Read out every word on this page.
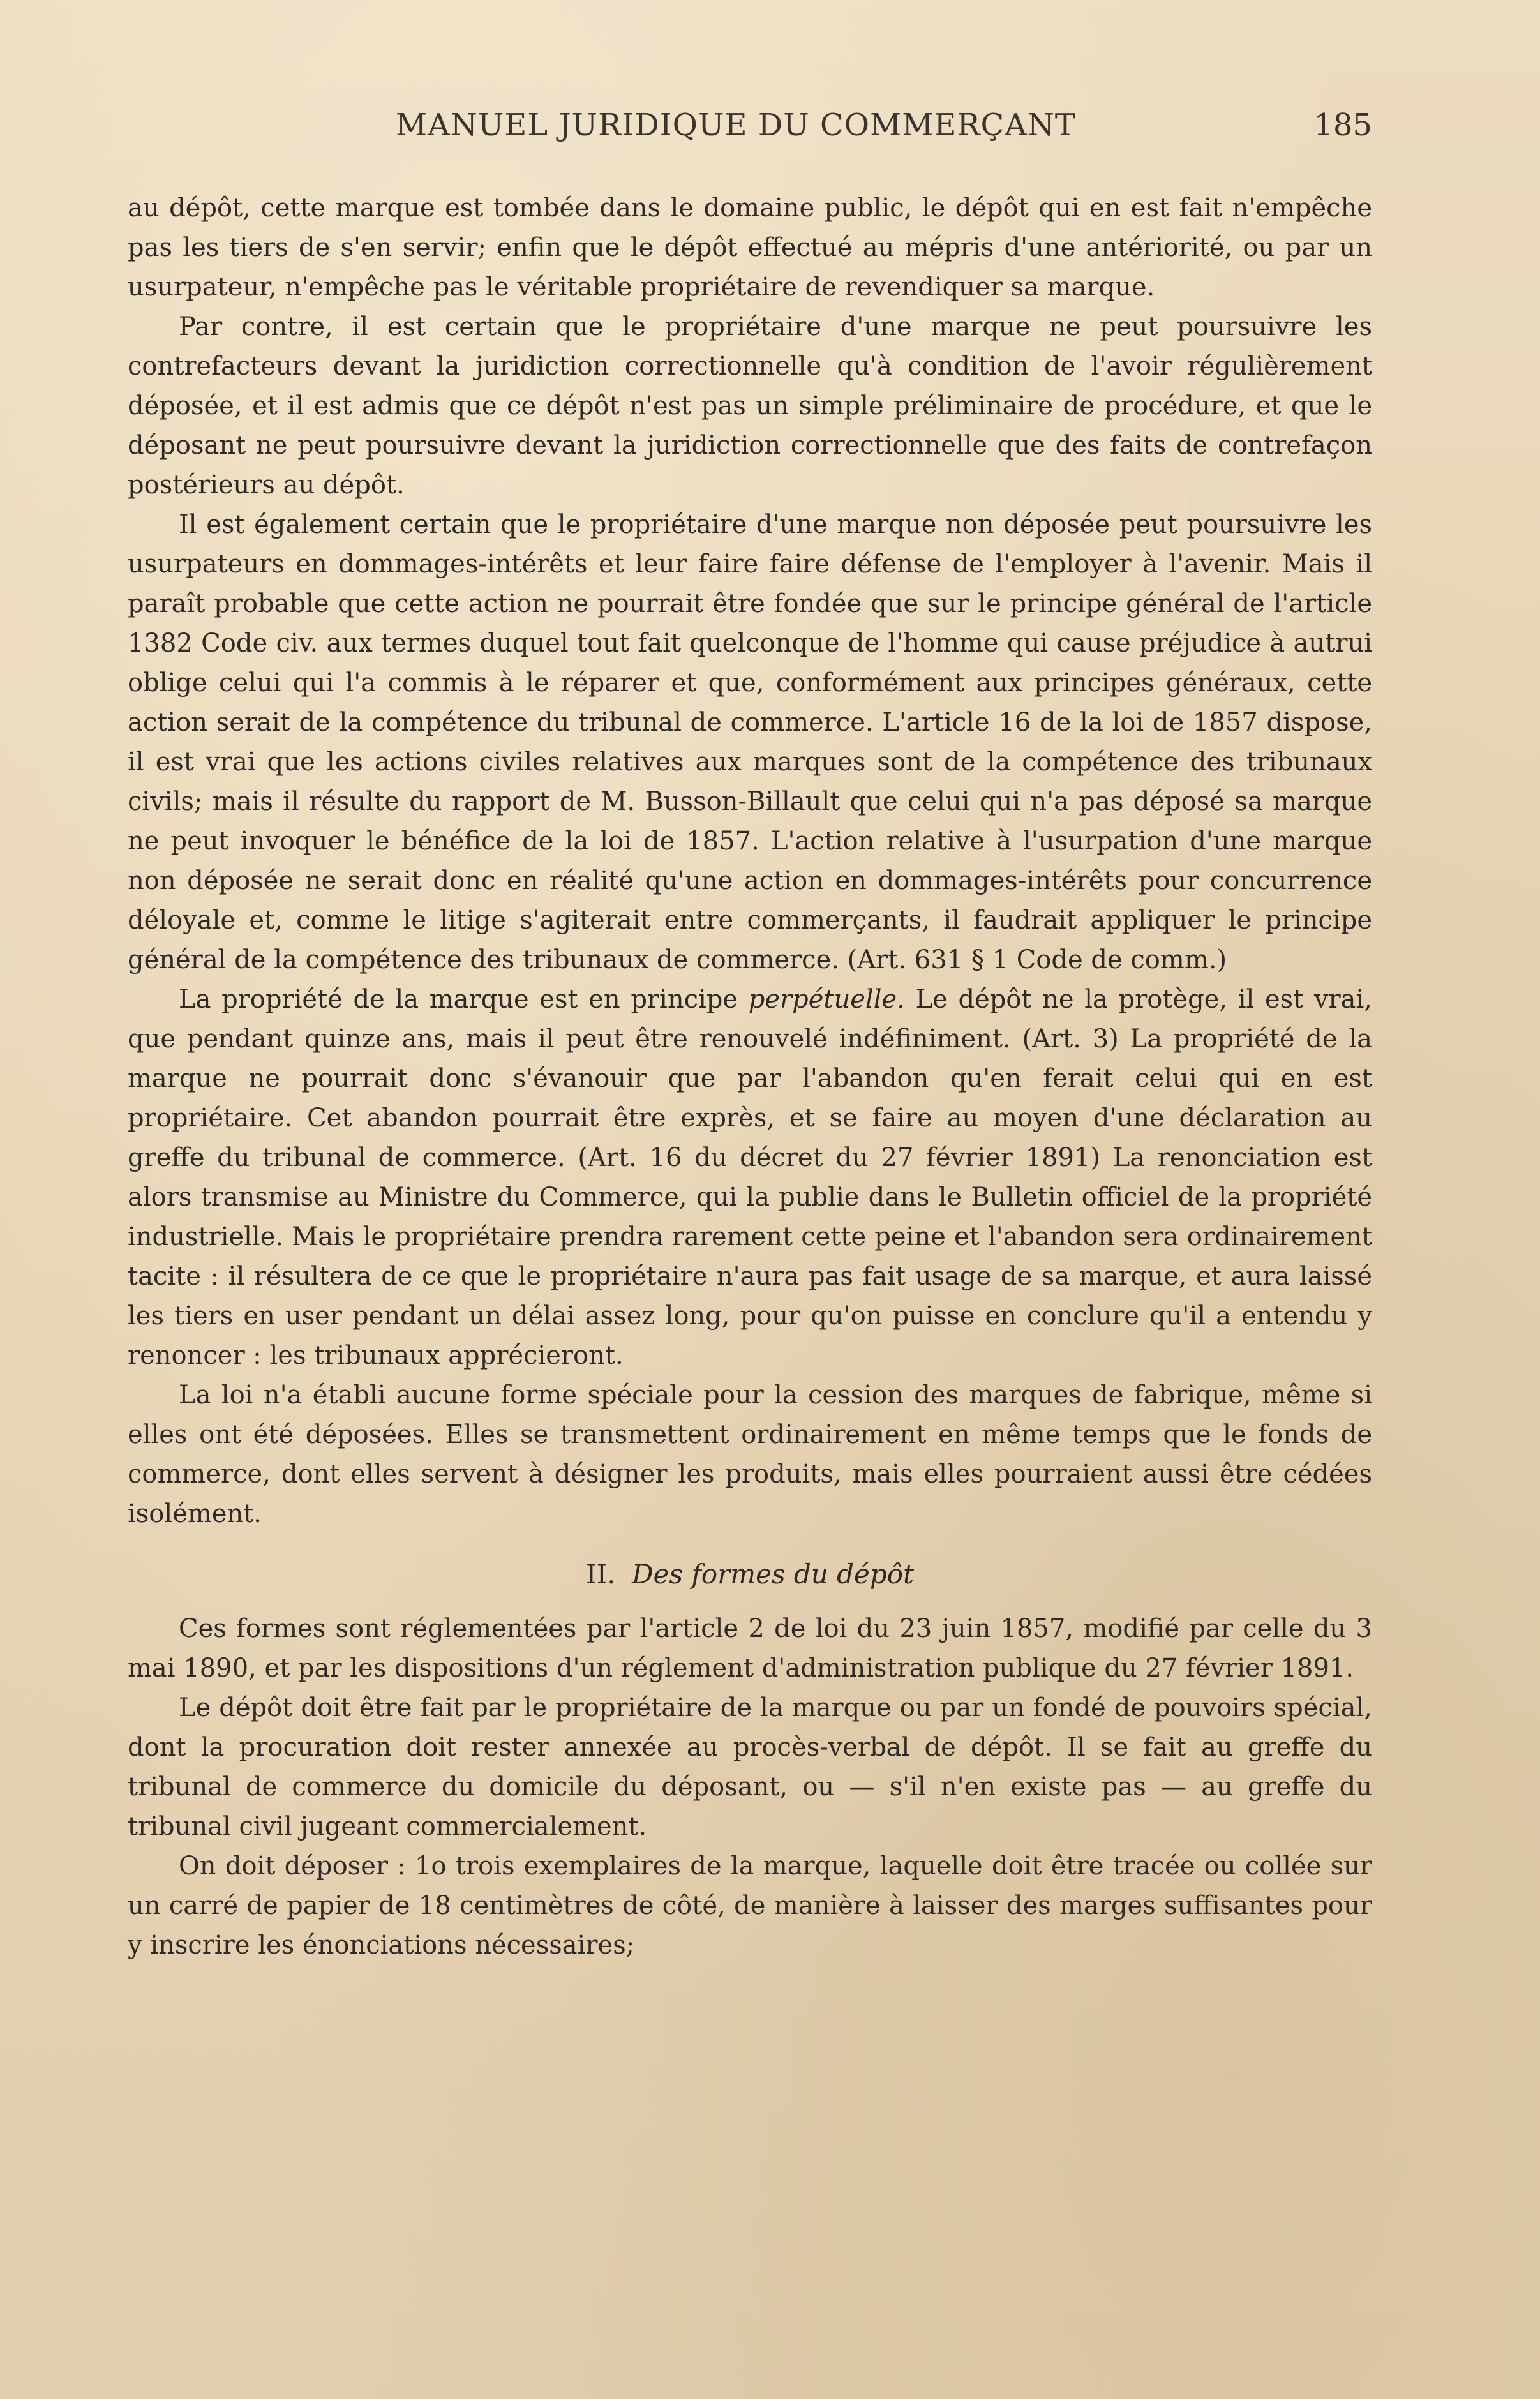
MANUEL JURIDIQUE DU COMMERÇANT	185

au dépôt, cette marque est tombée dans le domaine public, le dépôt qui en est fait n'empêche pas les tiers de s'en servir; enfin que le dépôt effectué au mépris d'une antériorité, ou par un usurpateur, n'empêche pas le véritable propriétaire de revendiquer sa marque.

Par contre, il est certain que le propriétaire d'une marque ne peut poursuivre les contrefacteurs devant la juridiction correctionnelle qu'à condition de l'avoir régulièrement déposée, et il est admis que ce dépôt n'est pas un simple préliminaire de procédure, et que le déposant ne peut poursuivre devant la juridiction correctionnelle que des faits de contrefaçon postérieurs au dépôt.

Il est également certain que le propriétaire d'une marque non déposée peut poursuivre les usurpateurs en dommages-intérêts et leur faire faire défense de l'employer à l'avenir. Mais il paraît probable que cette action ne pourrait être fondée que sur le principe général de l'article 1382 Code civ. aux termes duquel tout fait quelconque de l'homme qui cause préjudice à autrui oblige celui qui l'a commis à le réparer et que, conformément aux principes généraux, cette action serait de la compétence du tribunal de commerce. L'article 16 de la loi de 1857 dispose, il est vrai que les actions civiles relatives aux marques sont de la compétence des tribunaux civils; mais il résulte du rapport de M. Busson-Billault que celui qui n'a pas déposé sa marque ne peut invoquer le bénéfice de la loi de 1857. L'action relative à l'usurpation d'une marque non déposée ne serait donc en réalité qu'une action en dommages-intérêts pour concurrence déloyale et, comme le litige s'agiterait entre commerçants, il faudrait appliquer le principe général de la compétence des tribunaux de commerce. (Art. 631 § 1 Code de comm.)

La propriété de la marque est en principe perpétuelle. Le dépôt ne la protège, il est vrai, que pendant quinze ans, mais il peut être renouvelé indéfiniment. (Art. 3) La propriété de la marque ne pourrait donc s'évanouir que par l'abandon qu'en ferait celui qui en est propriétaire. Cet abandon pourrait être exprès, et se faire au moyen d'une déclaration au greffe du tribunal de commerce. (Art. 16 du décret du 27 février 1891) La renonciation est alors transmise au Ministre du Commerce, qui la publie dans le Bulletin officiel de la propriété industrielle. Mais le propriétaire prendra rarement cette peine et l'abandon sera ordinairement tacite : il résultera de ce que le propriétaire n'aura pas fait usage de sa marque, et aura laissé les tiers en user pendant un délai assez long, pour qu'on puisse en conclure qu'il a entendu y renoncer : les tribunaux apprécieront.

La loi n'a établi aucune forme spéciale pour la cession des marques de fabrique, même si elles ont été déposées. Elles se transmettent ordinairement en même temps que le fonds de commerce, dont elles servent à désigner les produits, mais elles pourraient aussi être cédées isolément.

II. Des formes du dépôt

Ces formes sont réglementées par l'article 2 de loi du 23 juin 1857, modifié par celle du 3 mai 1890, et par les dispositions d'un réglement d'administration publique du 27 février 1891.

Le dépôt doit être fait par le propriétaire de la marque ou par un fondé de pouvoirs spécial, dont la procuration doit rester annexée au procès-verbal de dépôt. Il se fait au greffe du tribunal de commerce du domicile du déposant, ou — s'il n'en existe pas — au greffe du tribunal civil jugeant commercialement.

On doit déposer : 1o trois exemplaires de la marque, laquelle doit être tracée ou collée sur un carré de papier de 18 centimètres de côté, de manière à laisser des marges suffisantes pour y inscrire les énonciations nécessaires;
